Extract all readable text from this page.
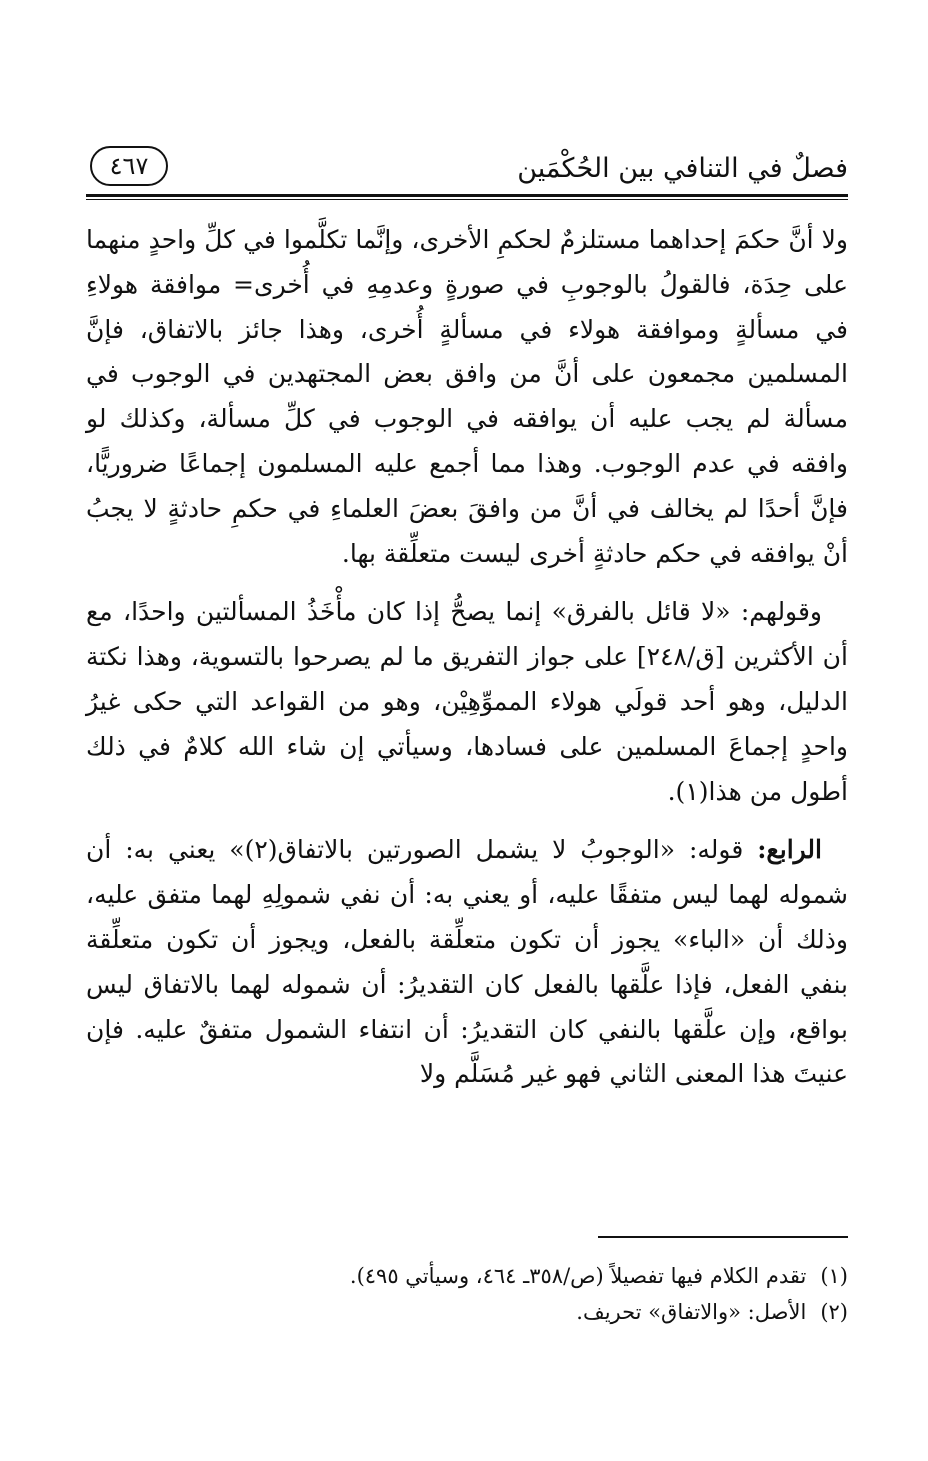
فصلٌ في التنافي بين الحُكْمَين
٤٦٧

ولا أنَّ حكمَ إحداهما مستلزمٌ لحكمِ الأخرى، وإنَّما تكلَّموا في كلِّ واحدٍ منهما على حِدَة، فالقولُ بالوجوبِ في صورةٍ وعدمِهِ في أُخرى= موافقة هولاءِ في مسألةٍ وموافقة هولاء في مسألةٍ أُخرى، وهذا جائز بالاتفاق، فإنَّ المسلمين مجمعون على أنَّ من وافق بعض المجتهدين في الوجوب في مسألة لم يجب عليه أن يوافقه في الوجوب في كلِّ مسألة، وكذلك لو وافقه في عدم الوجوب. وهذا مما أجمع عليه المسلمون إجماعًا ضروريًّا، فإنَّ أحدًا لم يخالف في أنَّ من وافقَ بعضَ العلماءِ في حكمِ حادثةٍ لا يجبُ أنْ يوافقه في حكم حادثةٍ أخرى ليست متعلِّقة بها.

وقولهم: «لا قائل بالفرق» إنما يصحُّ إذا كان مأْخَذُ المسألتين واحدًا، مع أن الأكثرين [ق/٢٤٨] على جواز التفريق ما لم يصرحوا بالتسوية، وهذا نكتة الدليل، وهو أحد قولَي هولاء المموِّهِيْن، وهو من القواعد التي حكى غيرُ واحدٍ إجماعَ المسلمين على فسادها، وسيأتي إن شاء الله كلامٌ في ذلك أطول من هذا(١).

الرابع: قوله: «الوجوبُ لا يشمل الصورتين بالاتفاق(٢)» يعني به: أن شموله لهما ليس متفقًا عليه، أو يعني به: أن نفي شمولِهِ لهما متفق عليه، وذلك أن «الباء» يجوز أن تكون متعلِّقة بالفعل، ويجوز أن تكون متعلِّقة بنفي الفعل، فإذا علَّقها بالفعل كان التقديرُ: أن شموله لهما بالاتفاق ليس بواقع، وإن علَّقها بالنفي كان التقديرُ: أن انتفاء الشمول متفقٌ عليه. فإن عنيتَ هذا المعنى الثاني فهو غير مُسَلَّم ولا

(١)تقدم الكلام فيها تفصيلاً (ص/٣٥٨ـ ٤٦٤، وسيأتي ٤٩٥).

(٢)الأصل: «والاتفاق» تحريف.
